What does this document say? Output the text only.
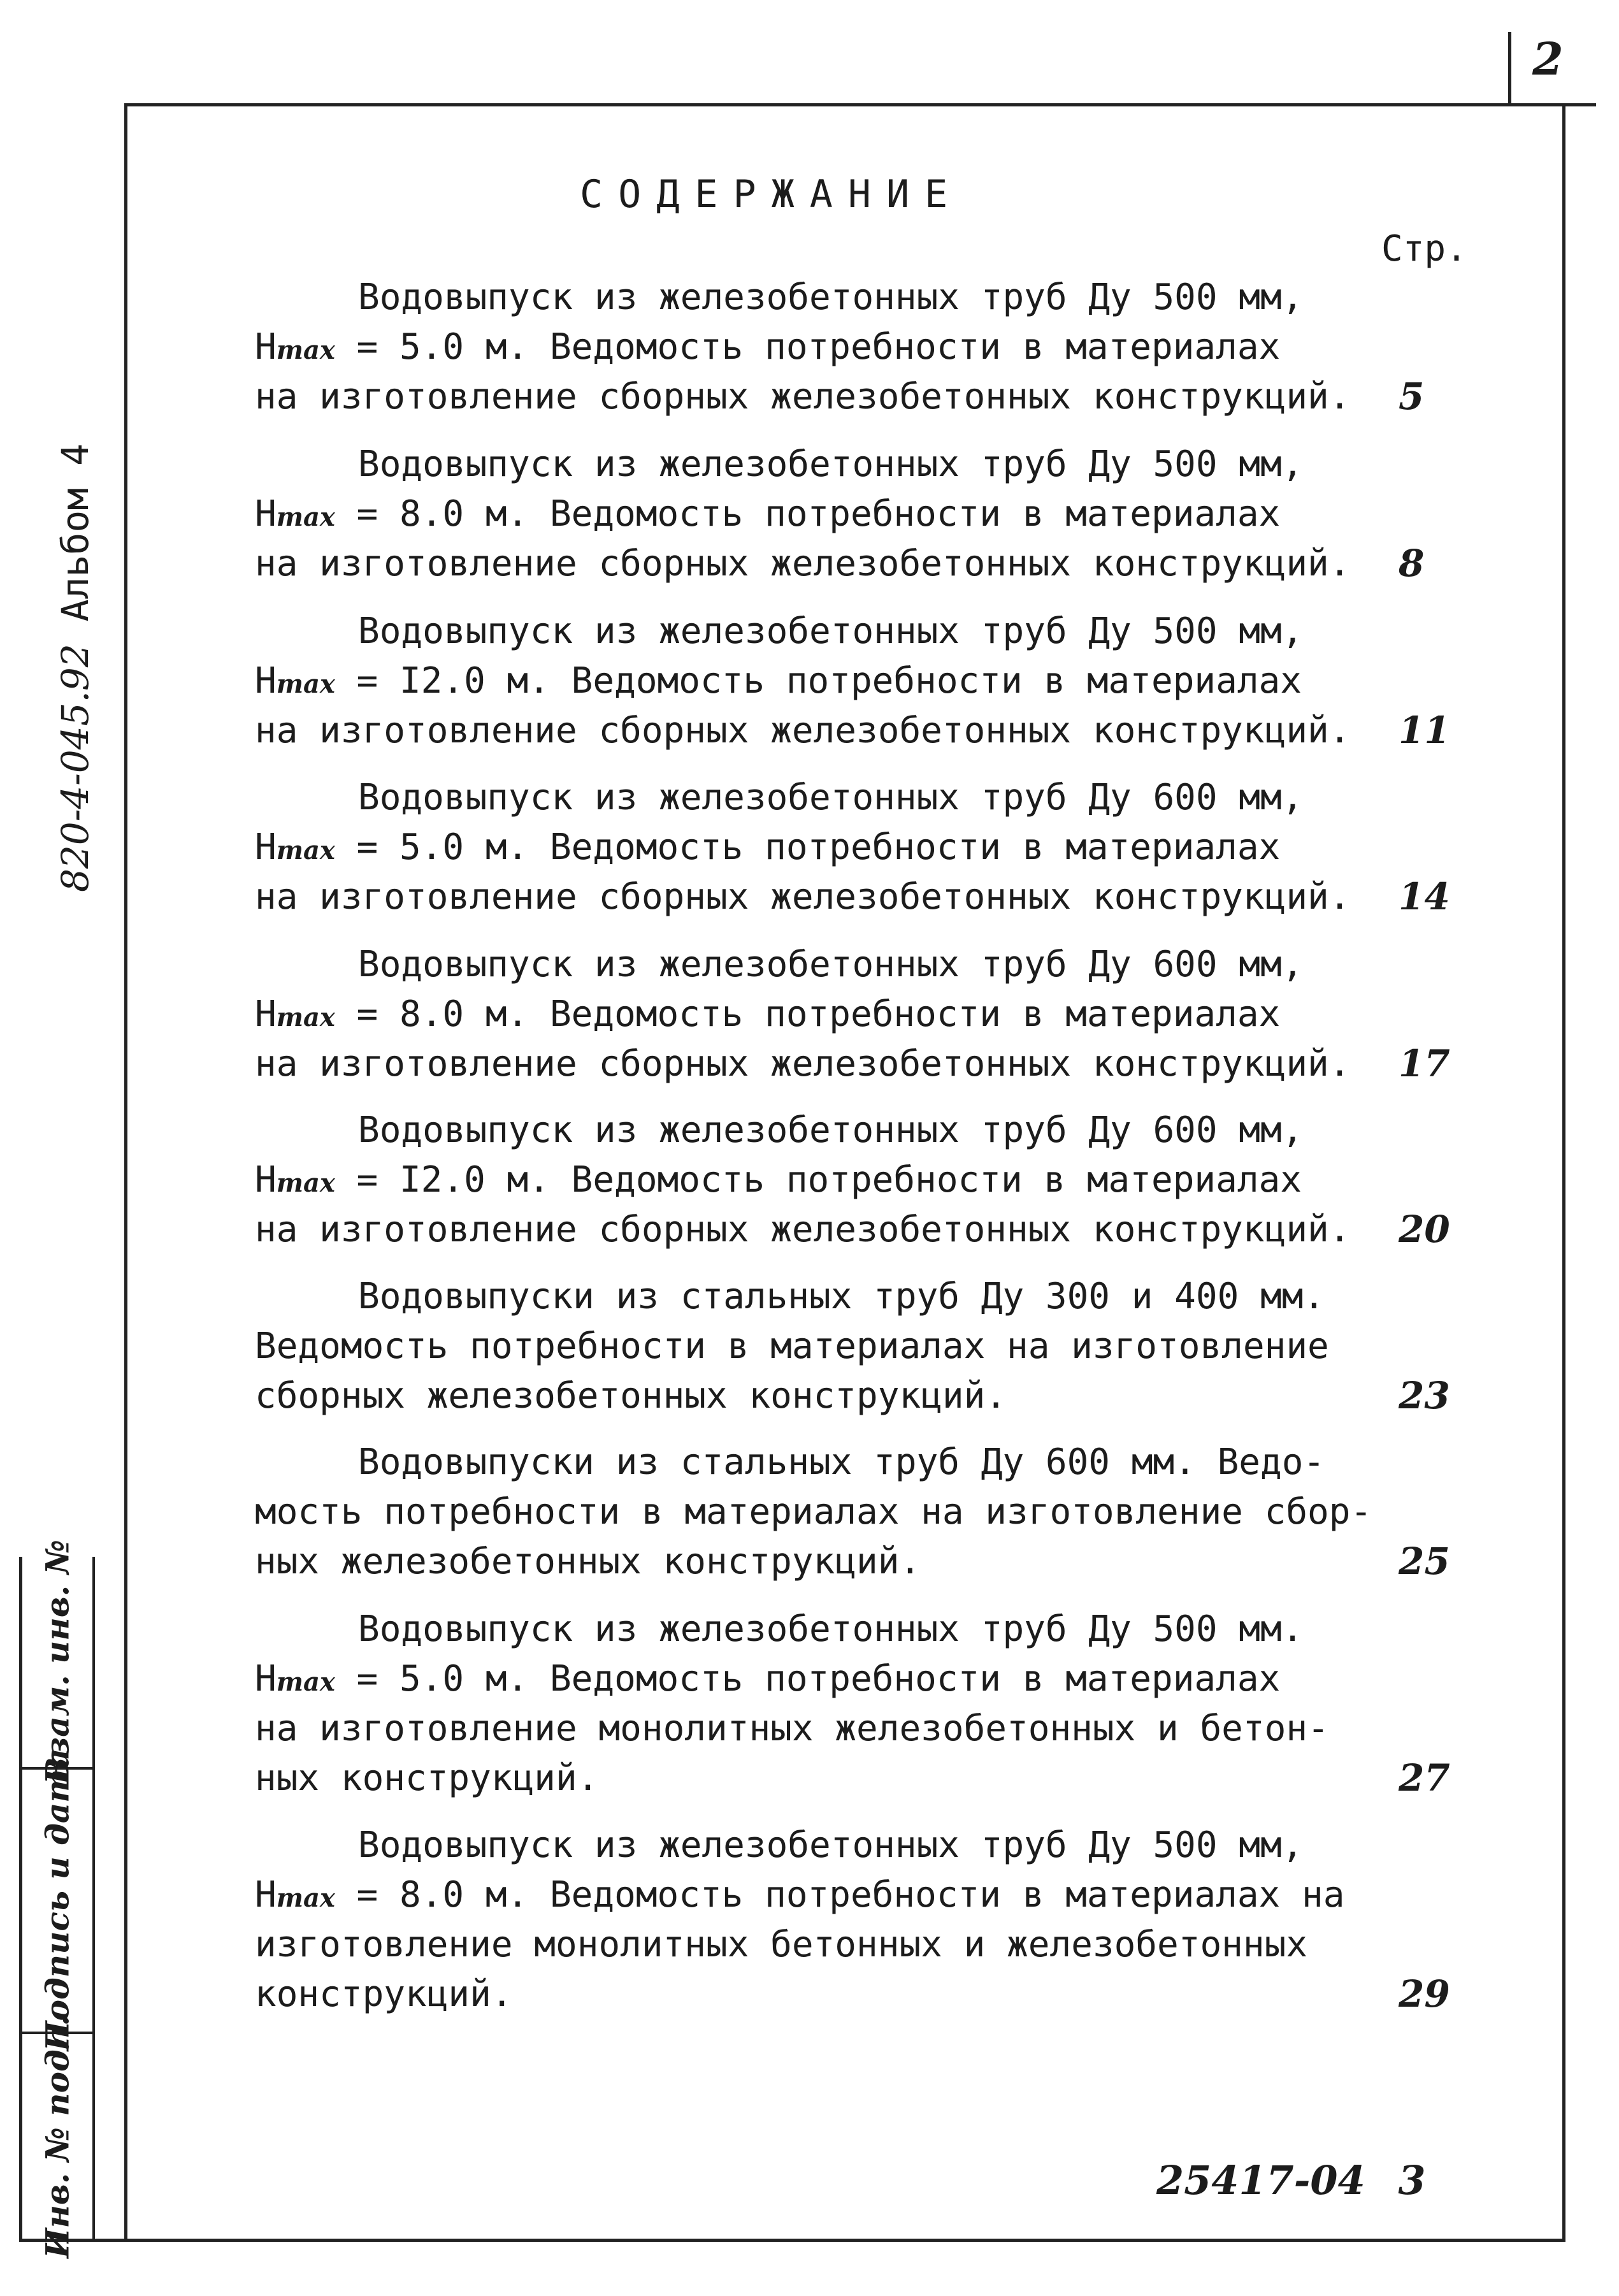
2
820-4-045.92 Альбом 4
Взам. инв. №
Подпись и дата
Инв. № подл.
СОДЕРЖАНИЕ
Стр.
Водовыпуск из железобетонных труб Ду 500 мм,
Hmax = 5.0 м. Ведомость потребности в материалах
на изготовление сборных железобетонных конструкций. 5
Водовыпуск из железобетонных труб Ду 500 мм,
Hmax = 8.0 м. Ведомость потребности в материалах
на изготовление сборных железобетонных конструкций. 8
Водовыпуск из железобетонных труб Ду 500 мм,
Hmax = I2.0 м. Ведомость потребности в материалах
на изготовление сборных железобетонных конструкций. 11
Водовыпуск из железобетонных труб Ду 600 мм,
Hmax = 5.0 м. Ведомость потребности в материалах
на изготовление сборных железобетонных конструкций. 14
Водовыпуск из железобетонных труб Ду 600 мм,
Hmax = 8.0 м. Ведомость потребности в материалах
на изготовление сборных железобетонных конструкций. 17
Водовыпуск из железобетонных труб Ду 600 мм,
Hmax = I2.0 м. Ведомость потребности в материалах
на изготовление сборных железобетонных конструкций. 20
Водовыпуски из стальных труб Ду 300 и 400 мм.
Ведомость потребности в материалах на изготовление
сборных железобетонных конструкций.	23
Водовыпуски из стальных труб Ду 600 мм. Ведо-
мость потребности в материалах на изготовление сбор-
ных железобетонных конструкций.	25
Водовыпуск из железобетонных труб Ду 500 мм.
Hmax = 5.0 м. Ведомость потребности в материалах
на изготовление монолитных железобетонных и бетон-
ных конструкций.	27
Водовыпуск из железобетонных труб Ду 500 мм,
Hmax = 8.0 м. Ведомость потребности в материалах на
изготовление монолитных бетонных и железобетонных
конструкций.	29
25417-04 3
